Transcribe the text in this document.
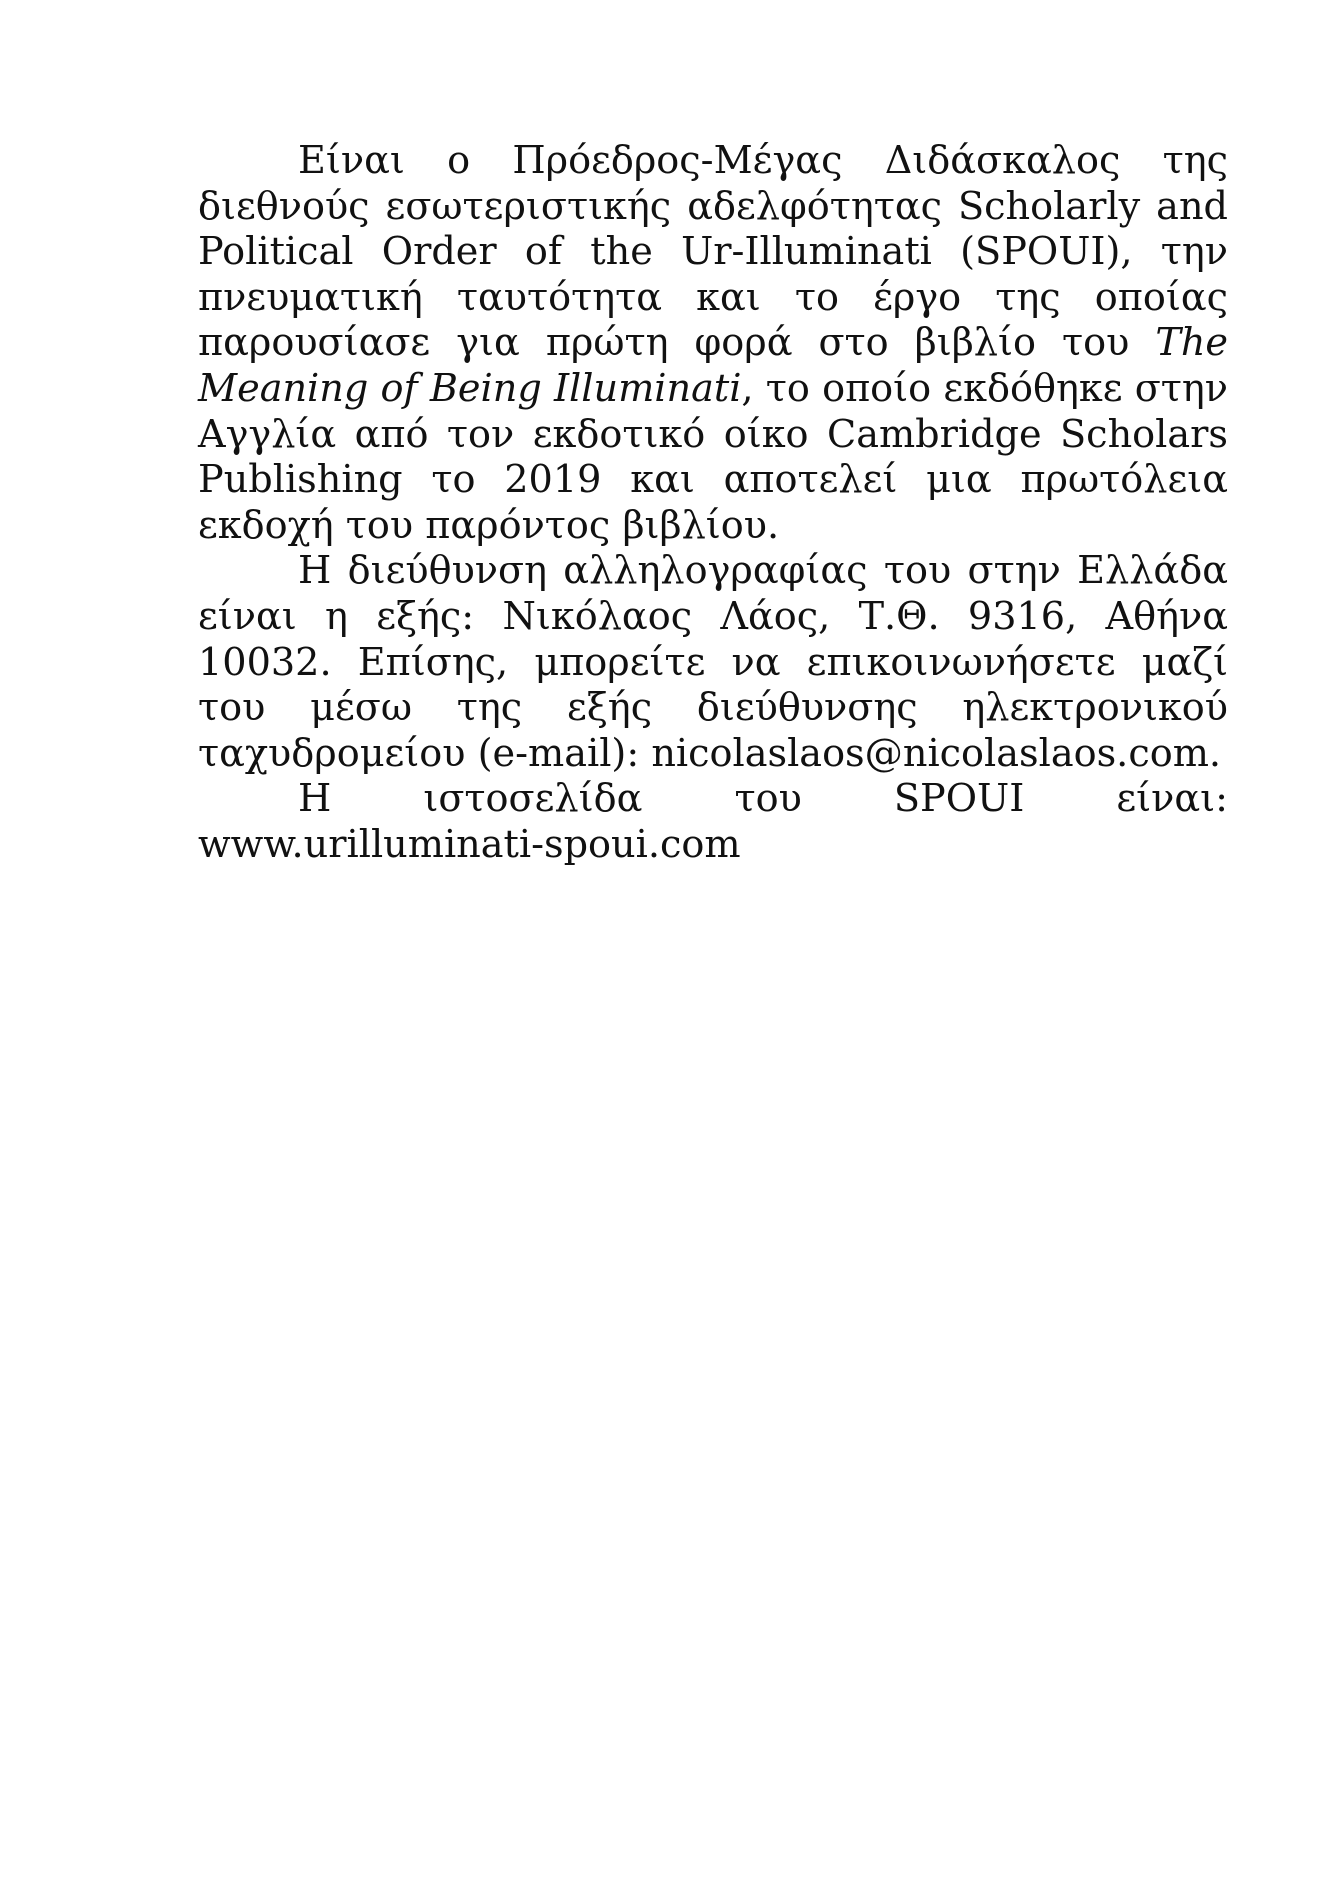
Είναι ο Πρόεδρος-Μέγας Διδάσκαλος της διεθνούς εσωτεριστικής αδελφότητας Scholarly and Political Order of the Ur-Illuminati (SPOUI), την πνευματική ταυτότητα και το έργο της οποίας παρουσίασε για πρώτη φορά στο βιβλίο του The Meaning of Being Illuminati, το οποίο εκδόθηκε στην Αγγλία από τον εκδοτικό οίκο Cambridge Scholars Publishing το 2019 και αποτελεί μια πρωτόλεια εκδοχή του παρόντος βιβλίου.

Η διεύθυνση αλληλογραφίας του στην Ελλάδα είναι η εξής: Νικόλαος Λάος, Τ.Θ. 9316, Αθήνα 10032. Επίσης, μπορείτε να επικοινωνήσετε μαζί του μέσω της εξής διεύθυνσης ηλεκτρονικού ταχυδρομείου (e-mail): nicolaslaos@nicolaslaos.com.

Η ιστοσελίδα του SPOUI είναι: www.urilluminati-spoui.com
